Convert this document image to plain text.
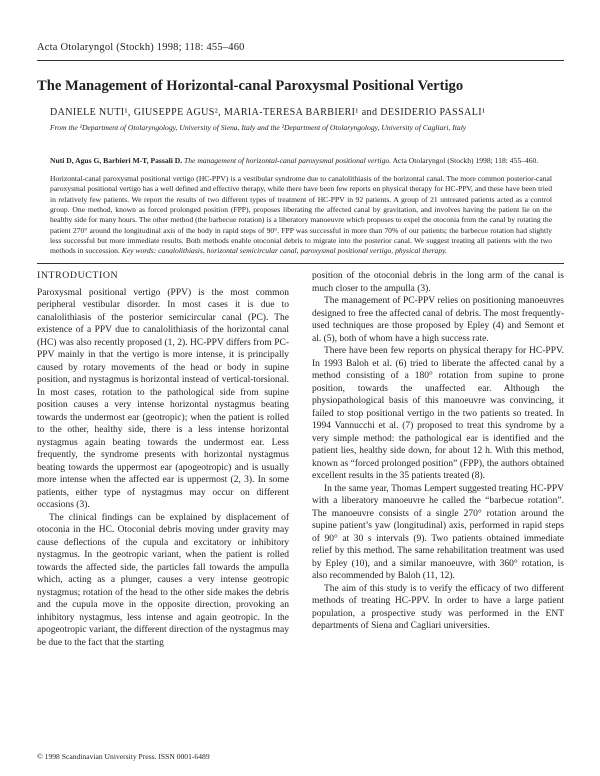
Acta Otolaryngol (Stockh) 1998; 118: 455–460
The Management of Horizontal-canal Paroxysmal Positional Vertigo
DANIELE NUTI¹, GIUSEPPE AGUS², MARIA-TERESA BARBIERI¹ and DESIDERIO PASSALI¹
From the ¹Department of Otolaryngology, University of Siena, Italy and the ²Department of Otolaryngology, University of Cagliari, Italy
Nuti D, Agus G, Barbieri M-T, Passali D. The management of horizontal-canal paroxysmal positional vertigo. Acta Otolaryngol (Stockh) 1998; 118: 455–460.
Horizontal-canal paroxysmal positional vertigo (HC-PPV) is a vestibular syndrome due to canalolithiasis of the horizontal canal. The more common posterior-canal paroxysmal positional vertigo has a well defined and effective therapy, while there have been few reports on physical therapy for HC-PPV, and these have been tried in relatively few patients. We report the results of two different types of treatment of HC-PPV in 92 patients. A group of 21 untreated patients acted as a control group. One method, known as forced prolonged position (FPP), proposes liberating the affected canal by gravitation, and involves having the patient lie on the healthy side for many hours. The other method (the barbecue rotation) is a liberatory manoeuvre which proposes to expel the otoconia from the canal by rotating the patient 270° around the longitudinal axis of the body in rapid steps of 90°. FPP was successful in more than 70% of our patients; the barbecue rotation had slightly less successful but more immediate results. Both methods enable otoconial debris to migrate into the posterior canal. We suggest treating all patients with the two methods in succession. Key words: canalolithiasis, horizontal semicircular canal, paroxysmal positional vertigo, physical therapy.
INTRODUCTION

Paroxysmal positional vertigo (PPV) is the most common peripheral vestibular disorder. In most cases it is due to canalolithiasis of the posterior semicircular canal (PC). The existence of a PPV due to canalolithiasis of the horizontal canal (HC) was also recently proposed (1, 2). HC-PPV differs from PC-PPV mainly in that the vertigo is more intense, it is principally caused by rotary movements of the head or body in supine position, and nystagmus is horizontal instead of vertical-torsional. In most cases, rotation to the pathological side from supine position causes a very intense horizontal nystagmus beating towards the undermost ear (geotropic); when the patient is rolled to the other, healthy side, there is a less intense horizontal nystagmus again beating towards the undermost ear. Less frequently, the syndrome presents with horizontal nystagmus beating towards the uppermost ear (apogeotropic) and is usually more intense when the affected ear is uppermost (2, 3). In some patients, either type of nystagmus may occur on different occasions (3).

The clinical findings can be explained by displacement of otoconia in the HC. Otoconial debris moving under gravity may cause deflections of the cupula and excitatory or inhibitory nystagmus. In the geotropic variant, when the patient is rolled towards the affected side, the particles fall towards the ampulla which, acting as a plunger, causes a very intense geotropic nystagmus; rotation of the head to the other side makes the debris and the cupula move in the opposite direction, provoking an inhibitory nystagmus, less intense and again geotropic. In the apogeotropic variant, the different direction of the nystagmus may be due to the fact that the starting

position of the otoconial debris in the long arm of the canal is much closer to the ampulla (3).

The management of PC-PPV relies on positioning manoeuvres designed to free the affected canal of debris. The most frequently-used techniques are those proposed by Epley (4) and Semont et al. (5), both of whom have a high success rate.

There have been few reports on physical therapy for HC-PPV. In 1993 Baloh et al. (6) tried to liberate the affected canal by a method consisting of a 180° rotation from supine to prone position, towards the unaffected ear. Although the physiopathological basis of this manoeuvre was convincing, it failed to stop positional vertigo in the two patients so treated. In 1994 Vannucchi et al. (7) proposed to treat this syndrome by a very simple method: the pathological ear is identified and the patient lies, healthy side down, for about 12 h. With this method, known as “forced prolonged position” (FPP), the authors obtained excellent results in the 35 patients treated (8).

In the same year, Thomas Lempert suggested treating HC-PPV with a liberatory manoeuvre he called the “barbecue rotation”. The manoeuvre consists of a single 270° rotation around the supine patient’s yaw (longitudinal) axis, performed in rapid steps of 90° at 30 s intervals (9). Two patients obtained immediate relief by this method. The same rehabilitation treatment was used by Epley (10), and a similar manoeuvre, with 360° rotation, is also recommended by Baloh (11, 12).

The aim of this study is to verify the efficacy of two different methods of treating HC-PPV. In order to have a large patient population, a prospective study was performed in the ENT departments of Siena and Cagliari universities.

© 1998 Scandinavian University Press. ISSN 0001-6489
